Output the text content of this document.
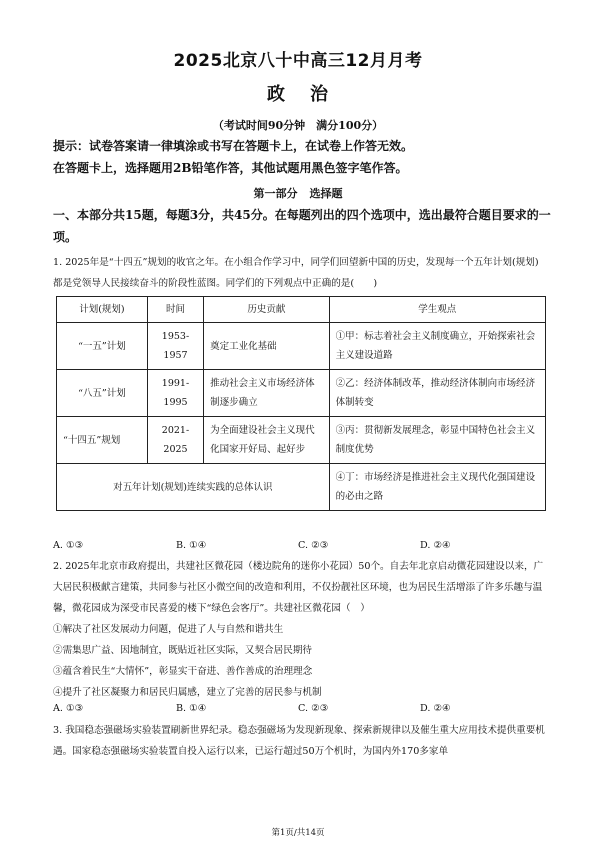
2025北京八十中高三12月月考
政 治
（考试时间90分钟　满分100分）
提示：试卷答案请一律填涂或书写在答题卡上，在试卷上作答无效。
在答题卡上，选择题用2B铅笔作答，其他试题用黑色签字笔作答。
第一部分 选择题
一、本部分共15题，每题3分，共45分。在每题列出的四个选项中，选出最符合题目要求的一项。
1. 2025年是“十四五”规划的收官之年。在小组合作学习中，同学们回望新中国的历史，发现每一个五年计划(规划)都是党领导人民接续奋斗的阶段性蓝图。同学们的下列观点中正确的是(　　)
计划(规划)	时间	历史贡献	学生观点
“一五”计划	1953-1957	奠定工业化基础	①甲：标志着社会主义制度确立，开始探索社会主义建设道路
“八五”计划	1991-1995	推动社会主义市场经济体制逐步确立	②乙：经济体制改革，推动经济体制向市场经济体制转变
“十四五”规划	2021-2025	为全面建设社会主义现代化国家开好局、起好步	③丙：贯彻新发展理念，彰显中国特色社会主义制度优势
对五年计划(规划)连续实践的总体认识			④丁：市场经济是推进社会主义现代化强国建设的必由之路
A. ①③	B. ①④	C. ②③	D. ②④
2. 2025年北京市政府提出，共建社区微花园（楼边院角的迷你小花园）50个。自去年北京启动微花园建设以来，广大居民积极献言建策，共同参与社区小微空间的改造和利用，不仅扮靓社区环境，也为居民生活增添了许多乐趣与温馨，微花园成为深受市民喜爱的楼下“绿色会客厅”。共建社区微花园（　）
①解决了社区发展动力问题，促进了人与自然和谐共生
②需集思广益、因地制宜，既贴近社区实际，又契合居民期待
③蕴含着民生“大情怀”，彰显实干奋进、善作善成的治理理念
④提升了社区凝聚力和居民归属感，建立了完善的居民参与机制
A. ①③	B. ①④	C. ②③	D. ②④
3. 我国稳态强磁场实验装置刷新世界纪录。稳态强磁场为发现新现象、探索新规律以及催生重大应用技术提供重要机遇。国家稳态强磁场实验装置自投入运行以来，已运行超过50万个机时，为国内外170多家单
第1页/共14页
